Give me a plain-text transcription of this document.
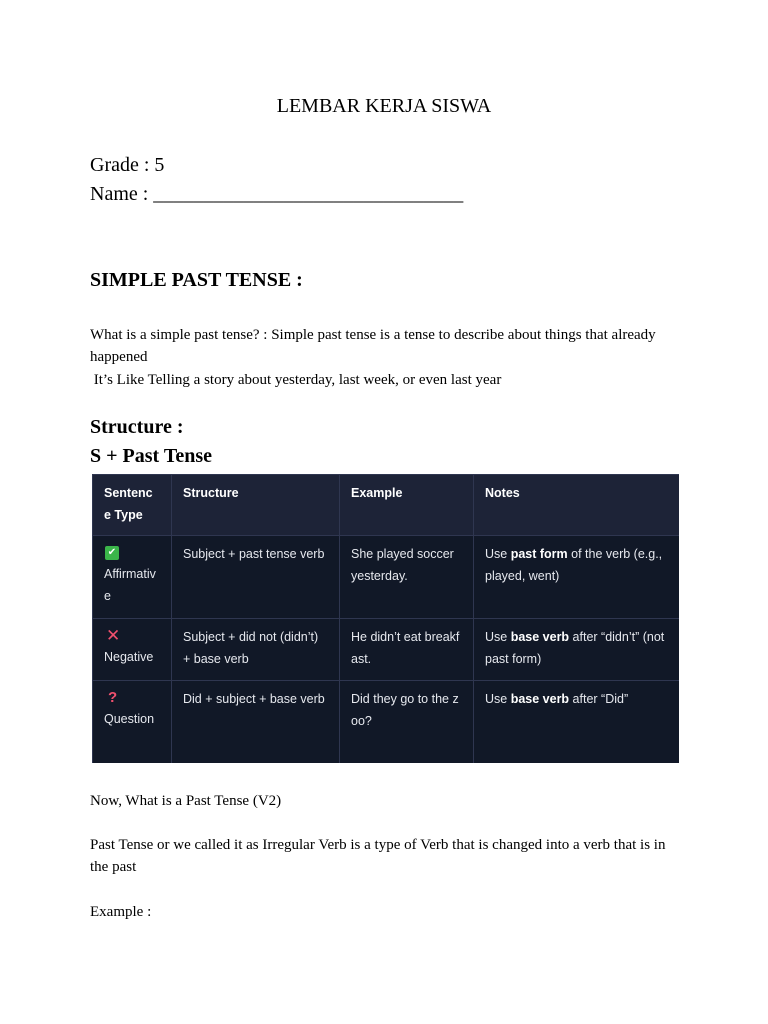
LEMBAR KERJA SISWA
Grade : 5
Name : _______________________________
SIMPLE PAST TENSE :
What is a simple past tense? : Simple past tense is a tense to describe about things that already happened
It’s Like Telling a story about yesterday, last week, or even last year
Structure :
S + Past Tense
Sentence Type	Structure	Example	Notes

✔
Affirmative	Subject + past tense verb	She played soccer yesterday.	Use past form of the verb (e.g., played, went)

✕
Negative	Subject + did not (didn’t) + base verb	He didn’t eat breakfast.	Use base verb after “didn’t” (not past form)

?
Question	Did + subject + base verb	Did they go to the zoo?	Use base verb after “Did”
Now, What is a Past Tense (V2)
Past Tense or we called it as Irregular Verb is a type of Verb that is changed into a verb that is in the past
Example :
